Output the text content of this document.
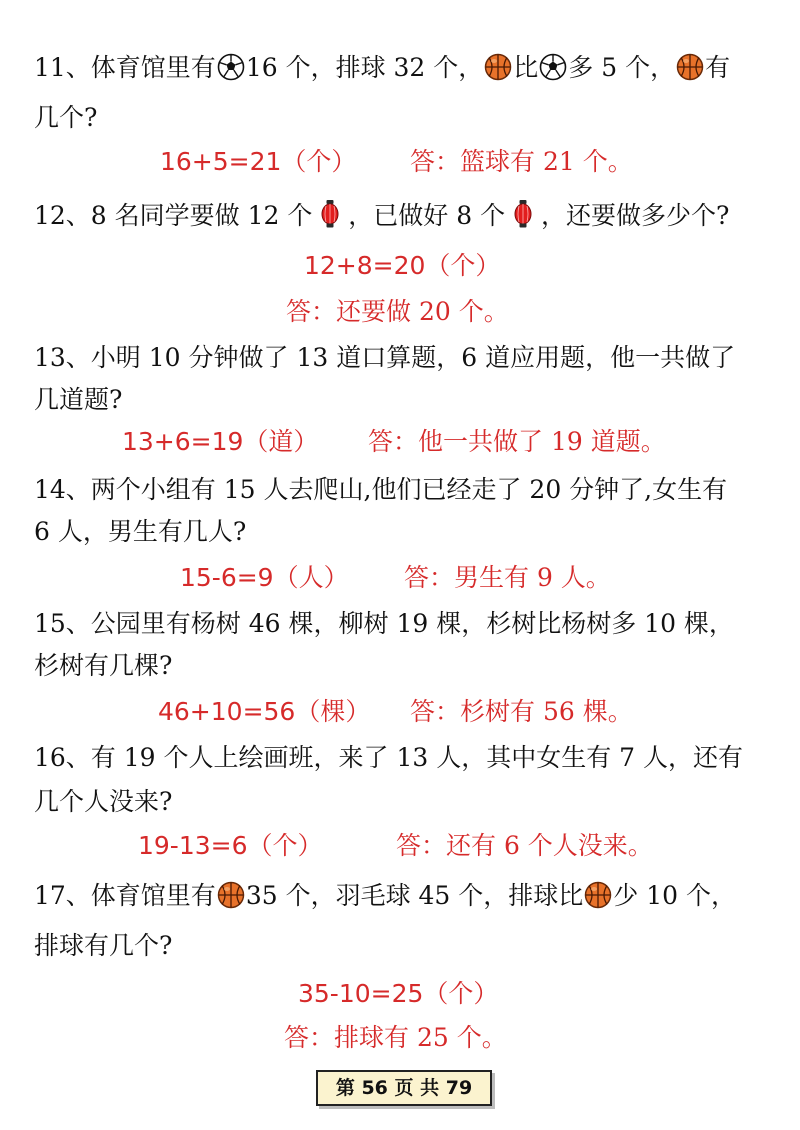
11、体育馆里有 16 个，排球 32 个， 比 多 5 个， 有
几个?
16+5=21（个） 答：篮球有 21 个。
12、8 名同学要做 12 个  ，已做好 8 个  ，还要做多少个?
12+8=20（个）
答：还要做 20 个。
13、小明 10 分钟做了 13 道口算题，6 道应用题，他一共做了
几道题?
13+6=19（道） 答：他一共做了 19 道题。
14、两个小组有 15 人去爬山,他们已经走了 20 分钟了,女生有
6 人，男生有几人?
15-6=9（人） 答：男生有 9 人。
15、公园里有杨树 46 棵，柳树 19 棵，杉树比杨树多 10 棵，
杉树有几棵?
46+10=56（棵） 答：杉树有 56 棵。
16、有 19 个人上绘画班，来了 13 人，其中女生有 7 人，还有
几个人没来?
19-13=6（个）	答：还有 6 个人没来。
17、体育馆里有 35 个，羽毛球 45 个，排球比 少 10 个，
排球有几个?
35-10=25（个）
答：排球有 25 个。
第 56 页 共 79
